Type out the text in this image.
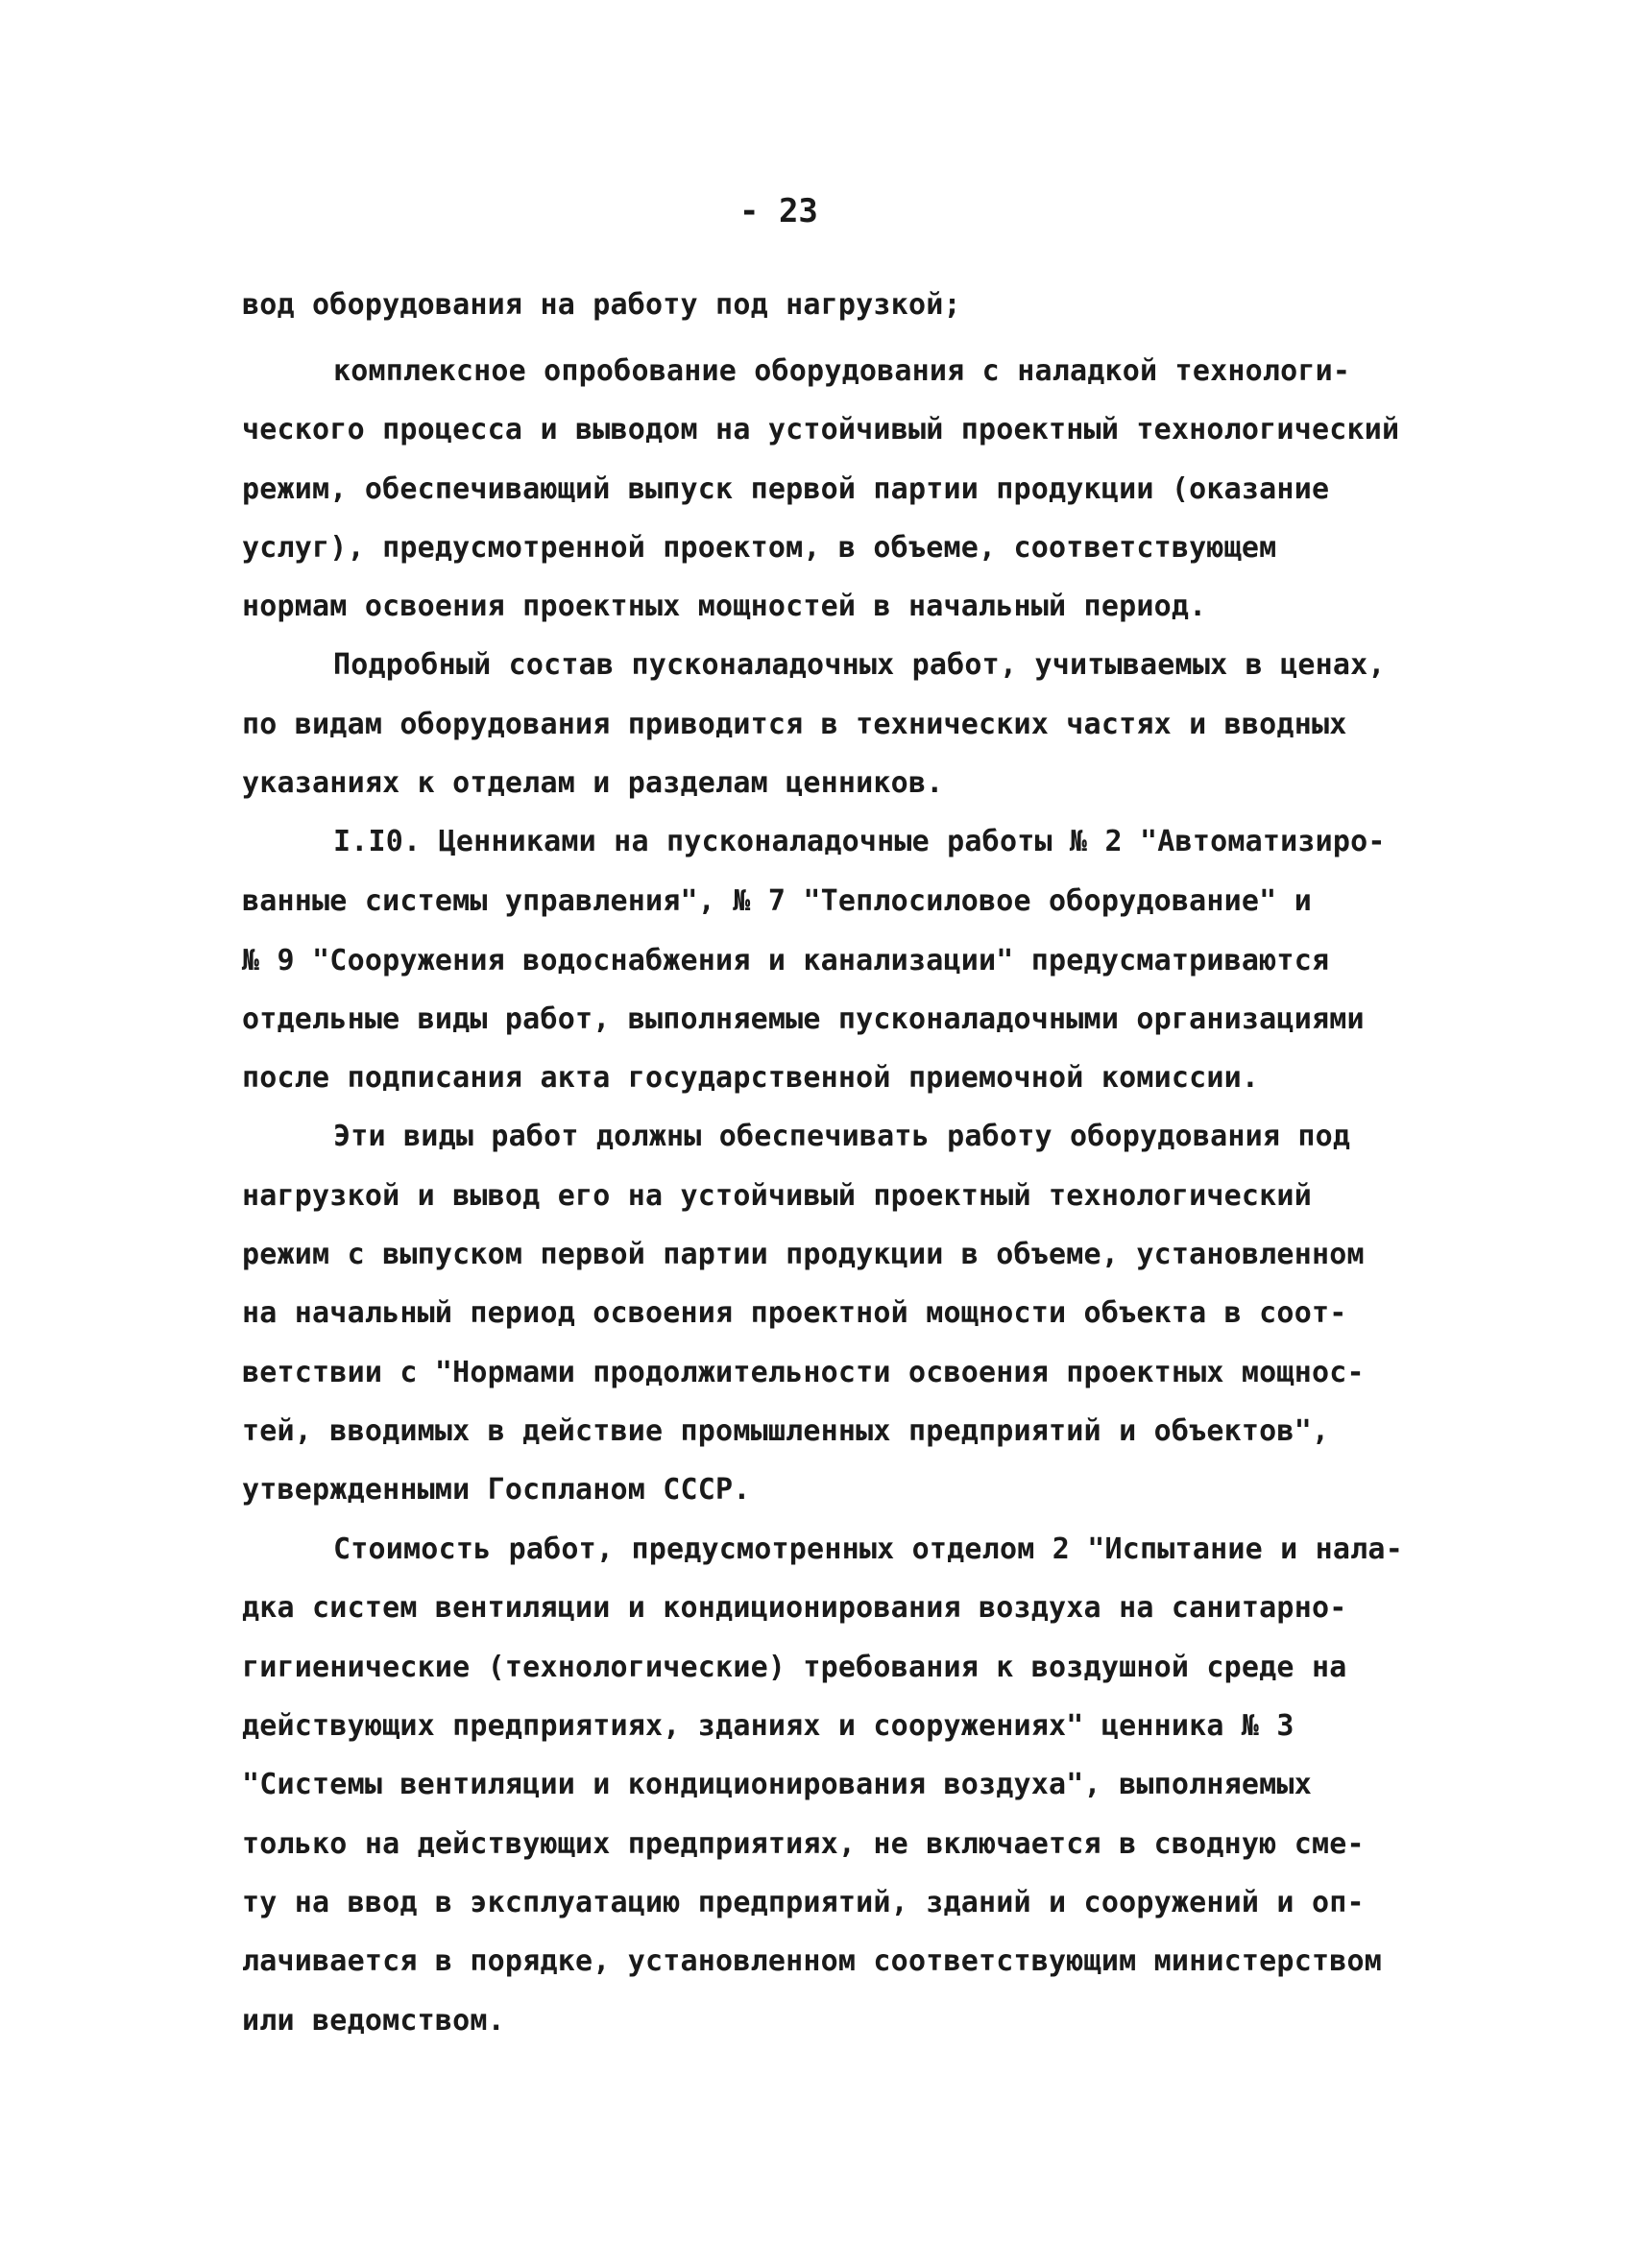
- 23
вод оборудования на работу под нагрузкой;
комплексное опробование оборудования с наладкой технологи-
ческого процесса и выводом на устойчивый проектный технологический
режим, обеспечивающий выпуск первой партии продукции (оказание
услуг), предусмотренной проектом, в объеме, соответствующем
нормам освоения проектных мощностей в начальный период.
Подробный состав пусконаладочных работ, учитываемых в ценах,
по видам оборудования приводится в технических частях и вводных
указаниях к отделам и разделам ценников.
I.I0. Ценниками на пусконаладочные работы № 2 "Автоматизиро-
ванные системы управления", № 7 "Теплосиловое оборудование" и
№ 9 "Сооружения водоснабжения и канализации" предусматриваются
отдельные виды работ, выполняемые пусконаладочными организациями
после подписания акта государственной приемочной комиссии.
Эти виды работ должны обеспечивать работу оборудования под
нагрузкой и вывод его на устойчивый проектный технологический
режим с выпуском первой партии продукции в объеме, установленном
на начальный период освоения проектной мощности объекта в соот-
ветствии с "Нормами продолжительности освоения проектных мощнос-
тей, вводимых в действие промышленных предприятий и объектов",
утвержденными Госпланом СССР.
Стоимость работ, предусмотренных отделом 2 "Испытание и нала-
дка систем вентиляции и кондиционирования воздуха на санитарно-
гигиенические (технологические) требования к воздушной среде на
действующих предприятиях, зданиях и сооружениях" ценника № 3
"Системы вентиляции и кондиционирования воздуха", выполняемых
только на действующих предприятиях, не включается в сводную сме-
ту на ввод в эксплуатацию предприятий, зданий и сооружений и оп-
лачивается в порядке, установленном соответствующим министерством
или ведомством.
